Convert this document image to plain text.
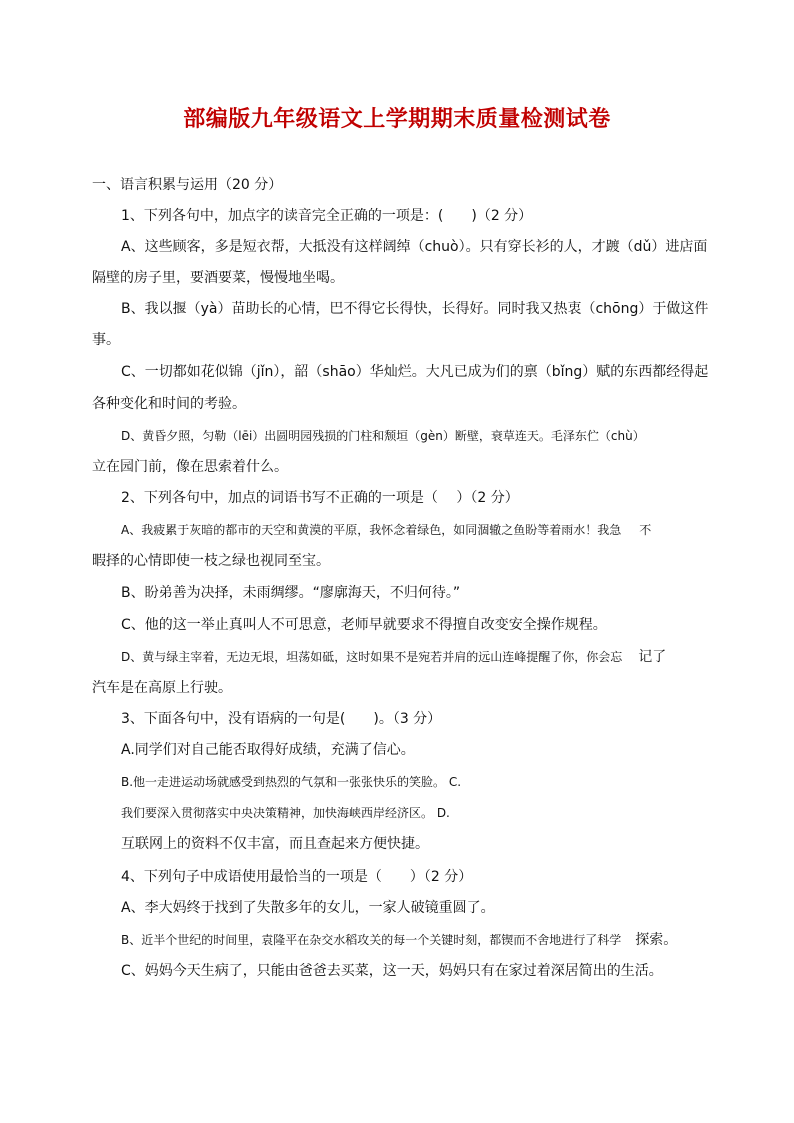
部编版九年级语文上学期期末质量检测试卷
一、语言积累与运用（20 分）
1、下列各句中，加点字的读音完全正确的一项是：(　　)（2 分）
A、这些顾客，多是短衣帮，大抵没有这样阔绰（chuò）。只有穿长衫的人，才踱（dǔ）进店面
隔壁的房子里，要酒要菜，慢慢地坐喝。
B、我以揠（yà）苗助长的心情，巴不得它长得快，长得好。同时我又热衷（chōng）于做这件
事。
C、一切都如花似锦（jǐn），韶（shāo）华灿烂。大凡已成为们的禀（bǐng）赋的东西都经得起
各种变化和时间的考验。
D、黄昏夕照，匀勒（lēi）出圆明园残损的门柱和颓垣（gèn）断壁，衰草连天。毛泽东伫（chù）
立在园门前，像在思索着什么。
2、下列各句中，加点的词语书写不正确的一项是（　 ）（2 分）
A、我疲累于灰暗的都市的天空和黄漠的平原，我怀念着绿色，如同涸辙之鱼盼等着雨水！我急 不
暇择的心情即使一枝之绿也视同至宝。
B、盼弟善为决择，未雨绸缪。“廖廓海天，不归何待。”
C、他的这一举止真叫人不可思意，老师早就要求不得擅自改变安全操作规程。
D、黄与绿主宰着，无边无垠，坦荡如砥，这时如果不是宛若并肩的远山连峰提醒了你，你会忘 记了
汽车是在高原上行驶。
3、下面各句中，没有语病的一句是(　　)。（3 分）
A.同学们对自己能否取得好成绩，充满了信心。
B.他一走进运动场就感受到热烈的气氛和一张张快乐的笑脸。 C.
我们要深入贯彻落实中央决策精神，加快海峡西岸经济区。 D.
互联网上的资料不仅丰富，而且查起来方便快捷。
4、下列句子中成语使用最恰当的一项是（　　）（2 分）
A、李大妈终于找到了失散多年的女儿，一家人破镜重圆了。
B、近半个世纪的时间里，袁隆平在杂交水稻攻关的每一个关键时刻，都锲而不舍地进行了科学 探索。
C、妈妈今天生病了，只能由爸爸去买菜，这一天，妈妈只有在家过着深居简出的生活。
